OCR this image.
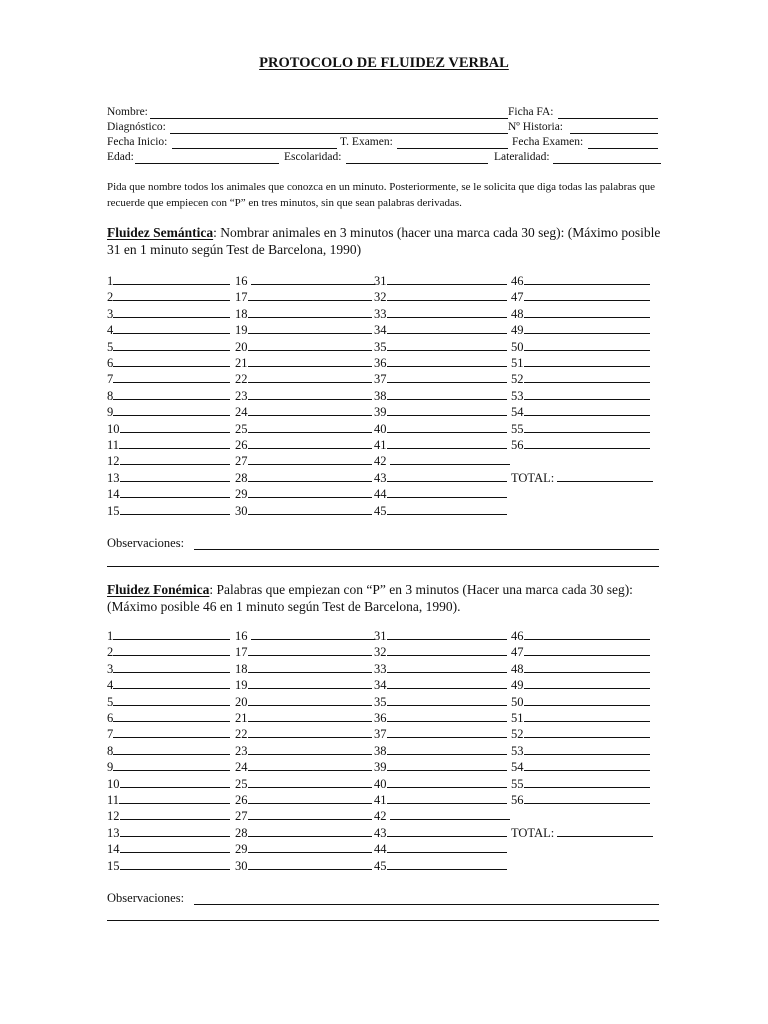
PROTOCOLO DE FLUIDEZ VERBAL
Nombre:	Ficha FA:
Diagnóstico:	Nº Historia:
Fecha Inicio:	T. Examen:	Fecha Examen:
Edad:	Escolaridad:	Lateralidad:
Pida que nombre todos los animales que conozca en un minuto. Posteriormente, se le solicita que diga todas las palabras que recuerde que empiecen con “P” en tres minutos, sin que sean palabras derivadas.
Fluidez Semántica: Nombrar animales en 3 minutos (hacer una marca cada 30 seg): (Máximo posible 31 en 1 minuto según Test de Barcelona, 1990)
1
2
3
4
5
6
7
8
9
10
11
12
13
14
15
16
17
18
19
20
21
22
23
24
25
26
27
28
29
30
31
32
33
34
35
36
37
38
39
40
41
42
43
44
45
46
47
48
49
50
51
52
53
54
55
56
TOTAL:
Observaciones:
Fluidez Fonémica: Palabras que empiezan con “P” en 3 minutos (Hacer una marca cada 30 seg): (Máximo posible 46 en 1 minuto según Test de Barcelona, 1990).
1
2
3
4
5
6
7
8
9
10
11
12
13
14
15
16
17
18
19
20
21
22
23
24
25
26
27
28
29
30
31
32
33
34
35
36
37
38
39
40
41
42
43
44
45
46
47
48
49
50
51
52
53
54
55
56
TOTAL:
Observaciones:
